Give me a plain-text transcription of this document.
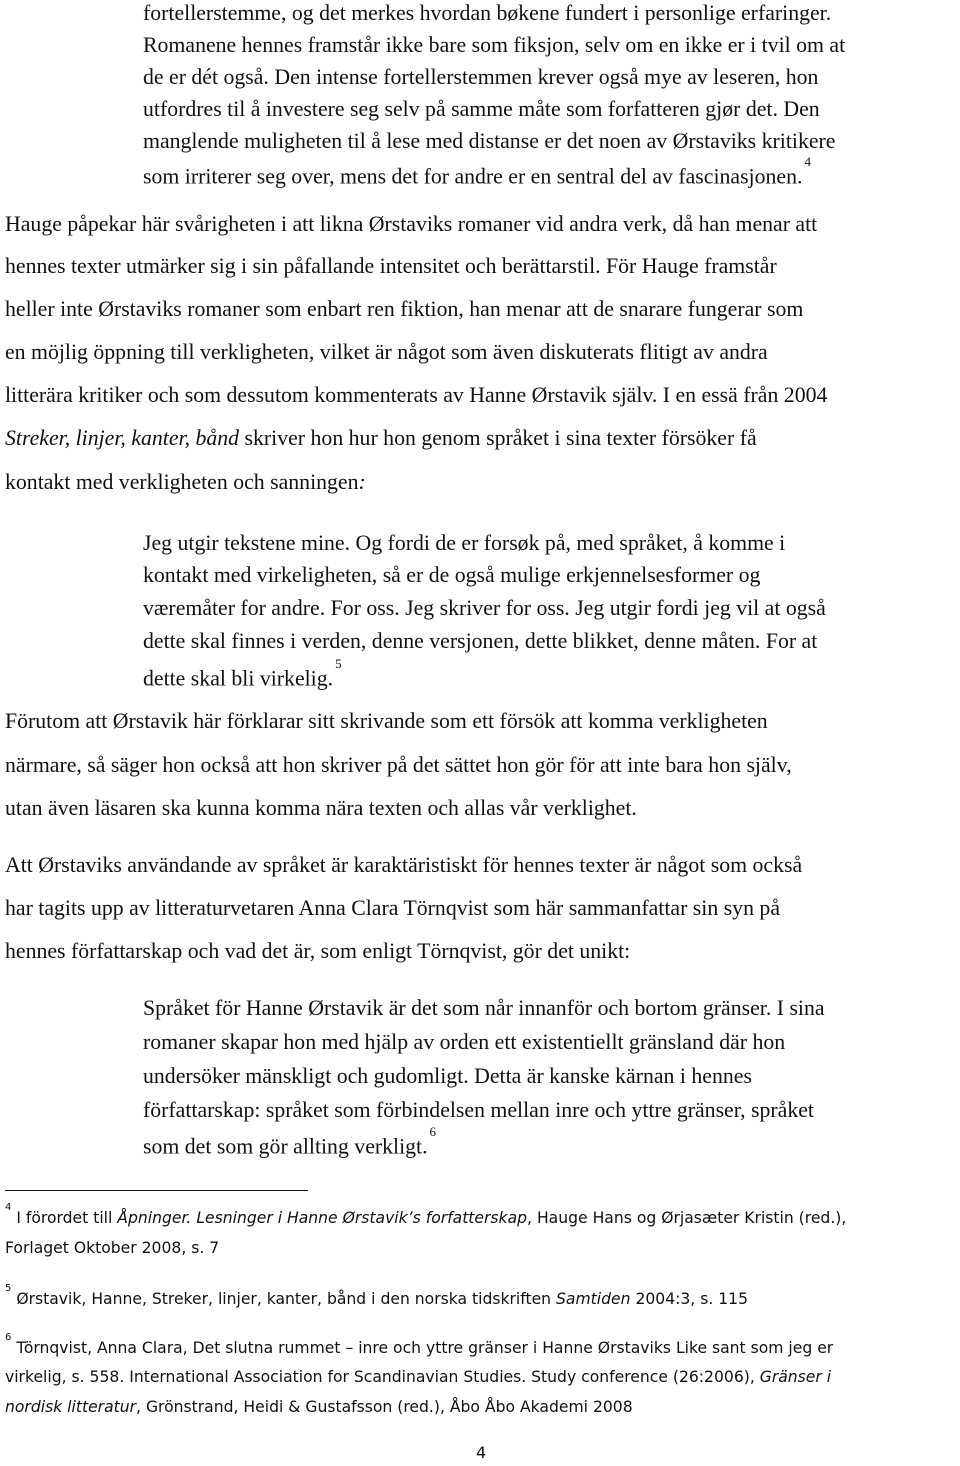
fortellerstemme, og det merkes hvordan bøkene fundert i personlige erfaringer.
Romanene hennes framstår ikke bare som fiksjon, selv om en ikke er i tvil om at
de er dét også. Den intense fortellerstemmen krever også mye av leseren, hon
utfordres til å investere seg selv på samme måte som forfatteren gjør det. Den
manglende muligheten til å lese med distanse er det noen av Ørstaviks kritikere
som irriterer seg over, mens det for andre er en sentral del av fascinasjonen.$^4$
Hauge påpekar här svårigheten i att likna Ørstaviks romaner vid andra verk, då han menar att
hennes texter utmärker sig i sin påfallande intensitet och berättarstil. För Hauge framstår
heller inte Ørstaviks romaner som enbart ren fiktion, han menar att de snarare fungerar som
en möjlig öppning till verkligheten, vilket är något som även diskuterats flitigt av andra
litterära kritiker och som dessutom kommenterats av Hanne Ørstavik själv. I en essä från 2004
Streker, linjer, kanter, bånd skriver hon hur hon genom språket i sina texter försöker få
kontakt med verkligheten och sanningen:
Jeg utgir tekstene mine. Og fordi de er forsøk på, med språket, å komme i
kontakt med virkeligheten, så er de også mulige erkjennelsesformer og
væremåter for andre. For oss. Jeg skriver for oss. Jeg utgir fordi jeg vil at også
dette skal finnes i verden, denne versjonen, dette blikket, denne måten. For at
dette skal bli virkelig.$^5$
Förutom att Ørstavik här förklarar sitt skrivande som ett försök att komma verkligheten
närmare, så säger hon också att hon skriver på det sättet hon gör för att inte bara hon själv,
utan även läsaren ska kunna komma nära texten och allas vår verklighet.
Att Ørstaviks användande av språket är karaktäristiskt för hennes texter är något som också
har tagits upp av litteraturvetaren Anna Clara Törnqvist som här sammanfattar sin syn på
hennes författarskap och vad det är, som enligt Törnqvist, gör det unikt:
Språket för Hanne Ørstavik är det som når innanför och bortom gränser. I sina
romaner skapar hon med hjälp av orden ett existentiellt gränsland där hon
undersöker mänskligt och gudomligt. Detta är kanske kärnan i hennes
författarskap: språket som förbindelsen mellan inre och yttre gränser, språket
som det som gör allting verkligt.$^6$
$^4$ I förordet till Åpninger. Lesninger i Hanne Ørstavik’s forfatterskap, Hauge Hans og Ørjasæter Kristin (red.),
Forlaget Oktober 2008, s. 7
$^5$ Ørstavik, Hanne, Streker, linjer, kanter, bånd i den norska tidskriften Samtiden 2004:3, s. 115
$^6$ Törnqvist, Anna Clara, Det slutna rummet – inre och yttre gränser i Hanne Ørstaviks Like sant som jeg er
virkelig, s. 558. International Association for Scandinavian Studies. Study conference (26:2006), Gränser i
nordisk litteratur, Grönstrand, Heidi & Gustafsson (red.), Åbo Åbo Akademi 2008
4
